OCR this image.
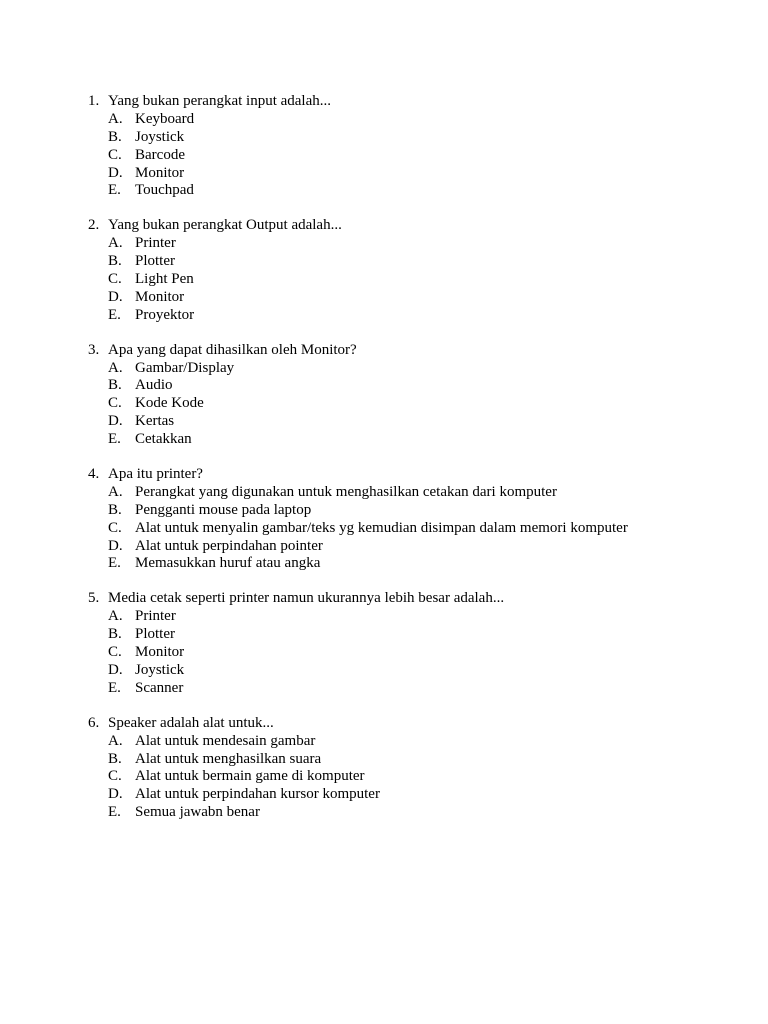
1. Yang bukan perangkat input adalah...
A. Keyboard
B. Joystick
C. Barcode
D. Monitor
E. Touchpad
2. Yang bukan perangkat Output adalah...
A. Printer
B. Plotter
C. Light Pen
D. Monitor
E. Proyektor
3. Apa yang dapat dihasilkan oleh Monitor?
A. Gambar/Display
B. Audio
C. Kode Kode
D. Kertas
E. Cetakkan
4. Apa itu printer?
A. Perangkat yang digunakan untuk menghasilkan cetakan dari komputer
B. Pengganti mouse pada laptop
C. Alat untuk menyalin gambar/teks yg kemudian disimpan dalam memori komputer
D. Alat untuk perpindahan pointer
E. Memasukkan huruf atau angka
5. Media cetak seperti printer namun ukurannya lebih besar adalah...
A. Printer
B. Plotter
C. Monitor
D. Joystick
E. Scanner
6. Speaker adalah alat untuk...
A. Alat untuk mendesain gambar
B. Alat untuk menghasilkan suara
C. Alat untuk bermain game di komputer
D. Alat untuk perpindahan kursor komputer
E. Semua jawabn benar
